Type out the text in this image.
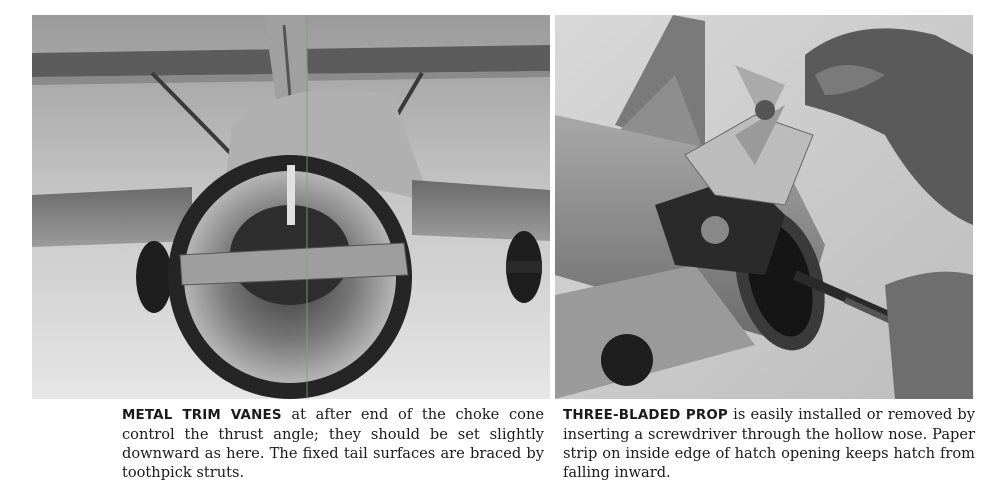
METAL TRIM VANES at after end of the choke cone control the thrust angle; they should be set slightly downward as here. The fixed tail surfaces are braced by toothpick struts.
THREE-BLADED PROP is easily installed or removed by inserting a screwdriver through the hollow nose. Paper strip on inside edge of hatch opening keeps hatch from falling inward.
